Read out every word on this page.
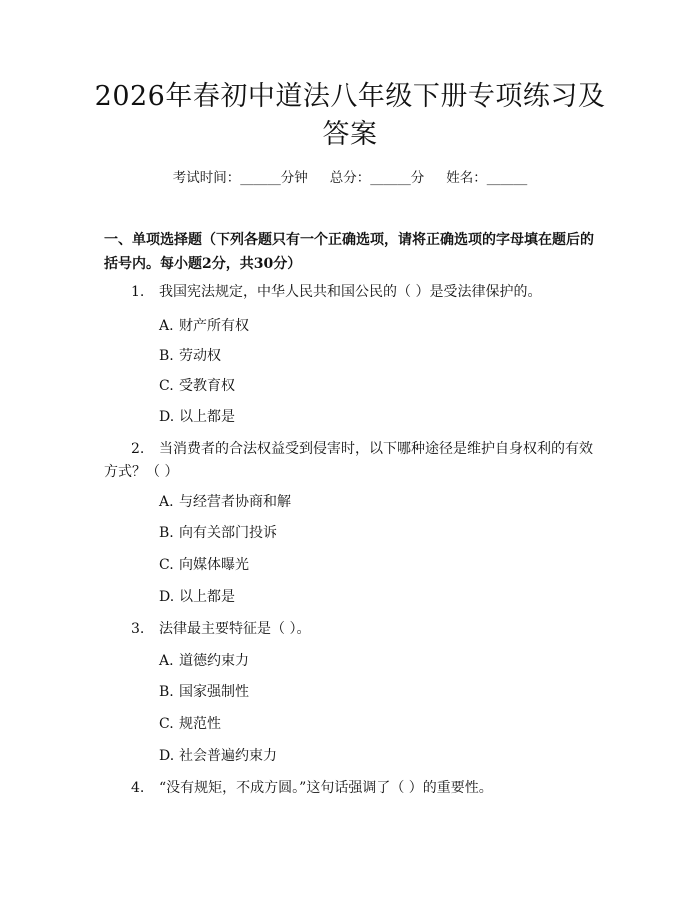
2026年春初中道法八年级下册专项练习及答案
考试时间：______分钟 总分：______分 姓名：______
一、单项选择题（下列各题只有一个正确选项，请将正确选项的字母填在题后的括号内。每小题2分，共30分）
1. 我国宪法规定，中华人民共和国公民的（ ）是受法律保护的。
A. 财产所有权
B. 劳动权
C. 受教育权
D. 以上都是
2. 当消费者的合法权益受到侵害时，以下哪种途径是维护自身权利的有效方式？（ ）
A. 与经营者协商和解
B. 向有关部门投诉
C. 向媒体曝光
D. 以上都是
3. 法律最主要特征是（ ）。
A. 道德约束力
B. 国家强制性
C. 规范性
D. 社会普遍约束力
4. “没有规矩，不成方圆。”这句话强调了（ ）的重要性。
